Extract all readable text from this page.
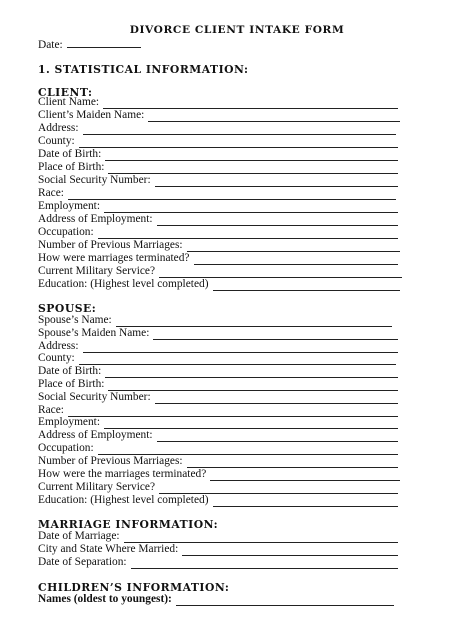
DIVORCE CLIENT INTAKE FORM
Date:
1. STATISTICAL INFORMATION:
CLIENT:
Client Name:
Client’s Maiden Name:
Address:
County:
Date of Birth:
Place of Birth:
Social Security Number:
Race:
Employment:
Address of Employment:
Occupation:
Number of Previous Marriages:
How were marriages terminated?
Current Military Service?
Education: (Highest level completed)
SPOUSE:
Spouse’s Name:
Spouse’s Maiden Name:
Address:
County:
Date of Birth:
Place of Birth:
Social Security Number:
Race:
Employment:
Address of Employment:
Occupation:
Number of Previous Marriages:
How were the marriages terminated?
Current Military Service?
Education: (Highest level completed)
MARRIAGE INFORMATION:
Date of Marriage:
City and State Where Married:
Date of Separation:
CHILDREN’S INFORMATION:
Names (oldest to youngest):
